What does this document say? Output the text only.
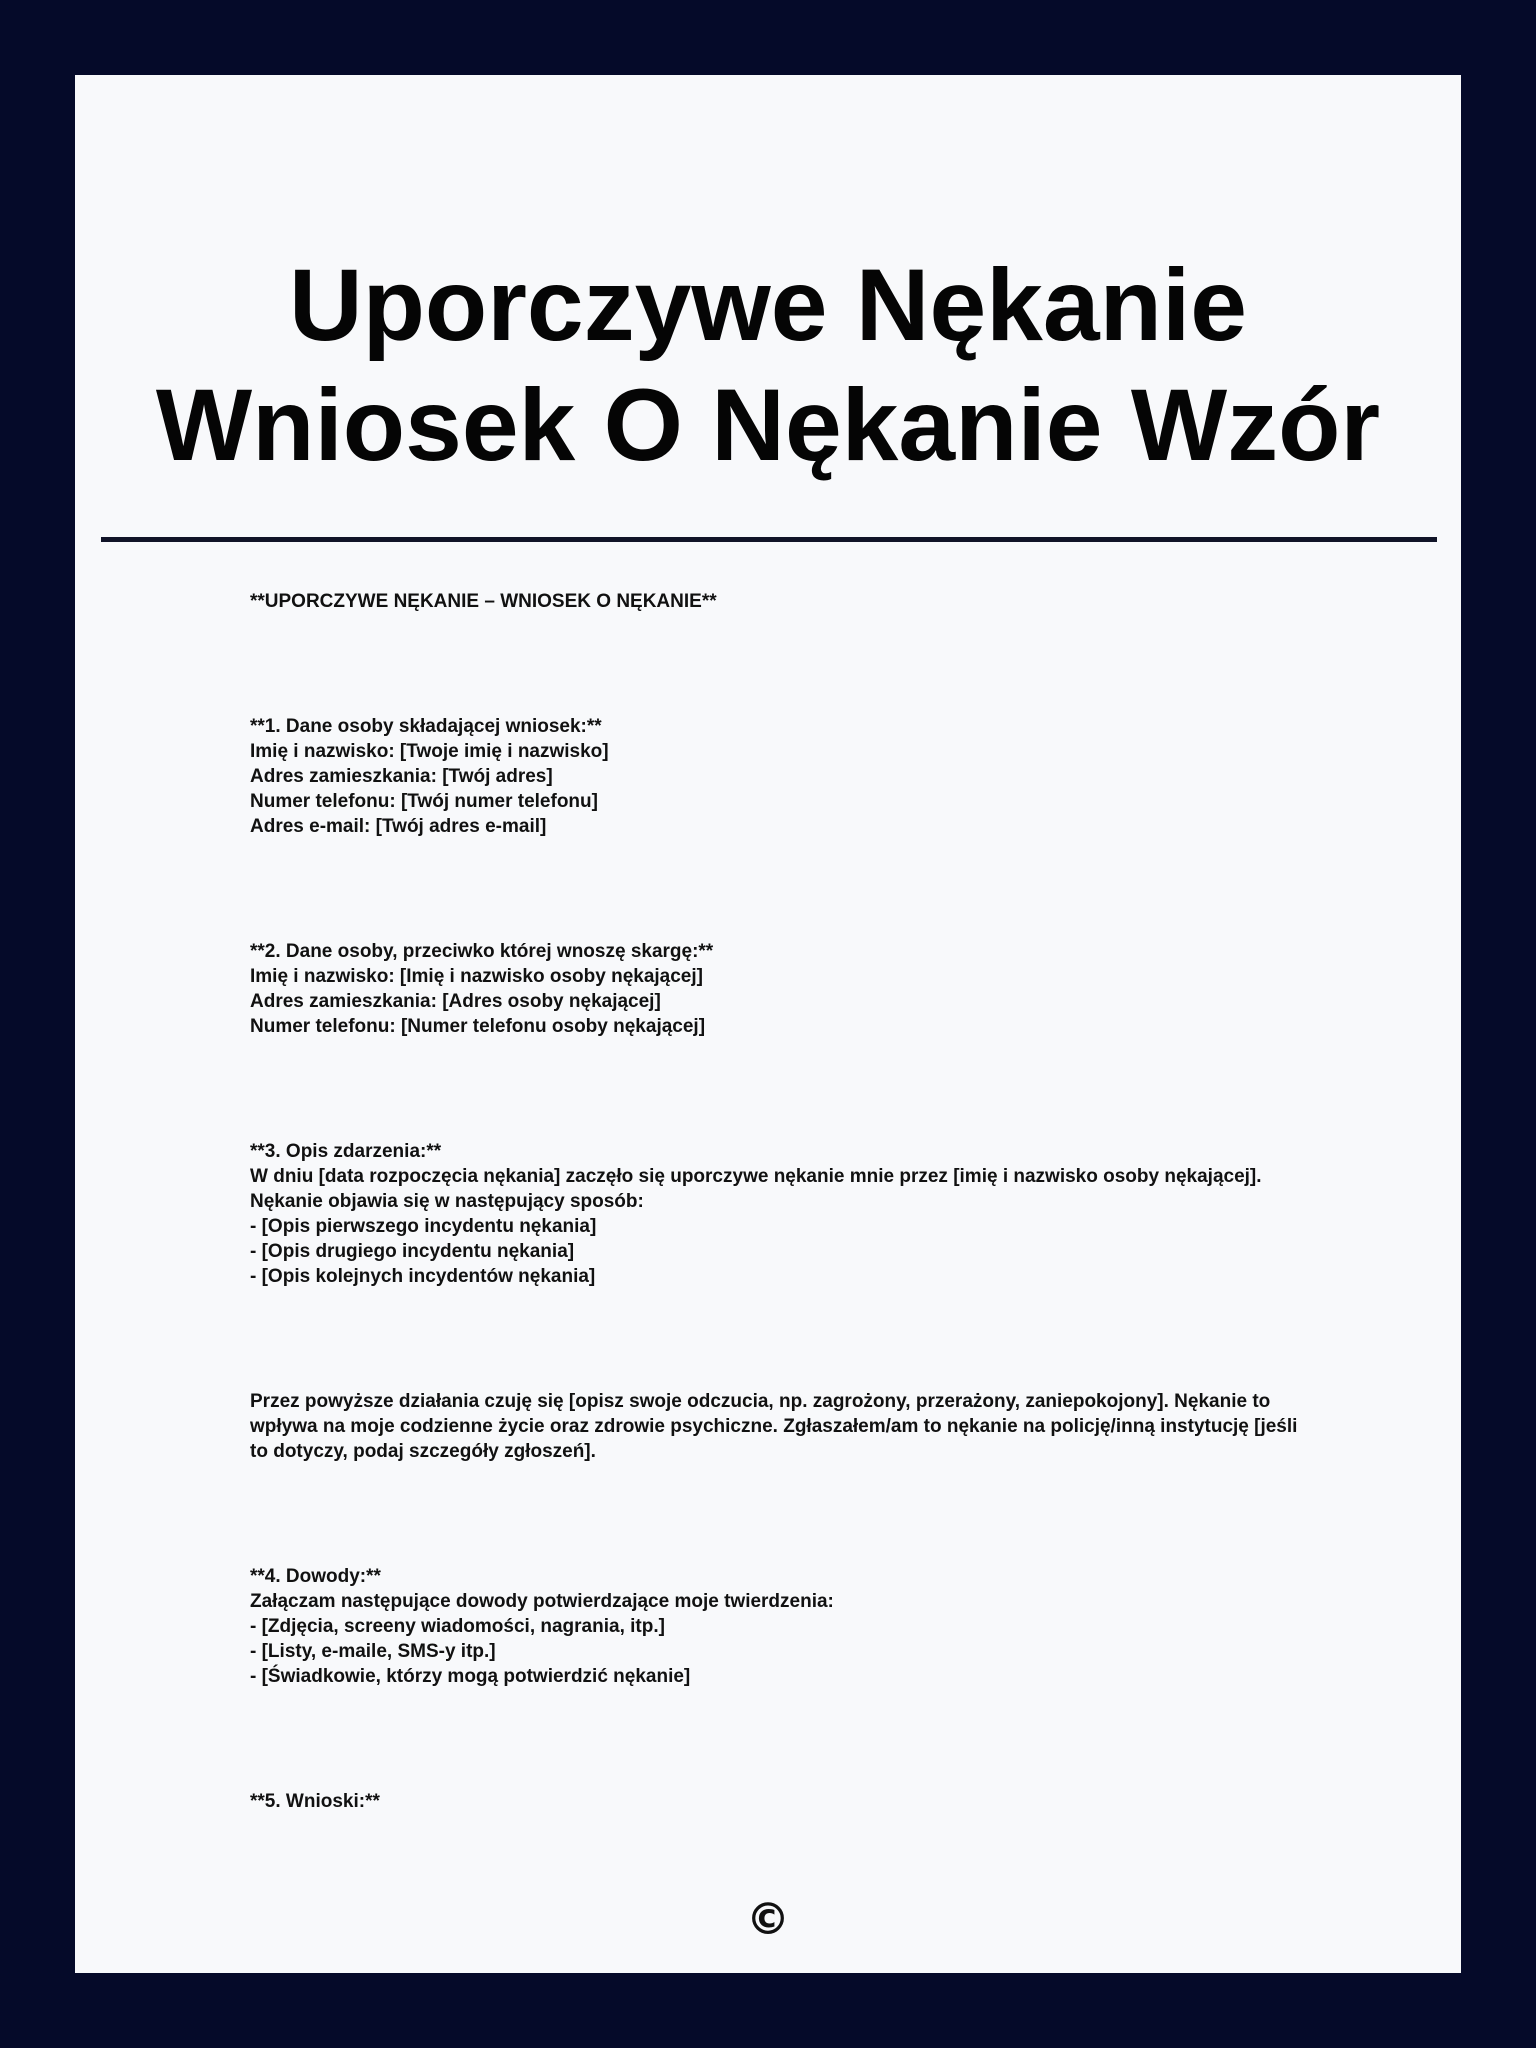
Uporczywe Nękanie Wniosek O Nękanie Wzór

**UPORCZYWE NĘKANIE – WNIOSEK O NĘKANIE**

**1. Dane osoby składającej wniosek:**
Imię i nazwisko: [Twoje imię i nazwisko]
Adres zamieszkania: [Twój adres]
Numer telefonu: [Twój numer telefonu]
Adres e-mail: [Twój adres e-mail]

**2. Dane osoby, przeciwko której wnoszę skargę:**
Imię i nazwisko: [Imię i nazwisko osoby nękającej]
Adres zamieszkania: [Adres osoby nękającej]
Numer telefonu: [Numer telefonu osoby nękającej]

**3. Opis zdarzenia:**
W dniu [data rozpoczęcia nękania] zaczęło się uporczywe nękanie mnie przez [imię i nazwisko osoby nękającej]. Nękanie objawia się w następujący sposób:
- [Opis pierwszego incydentu nękania]
- [Opis drugiego incydentu nękania]
- [Opis kolejnych incydentów nękania]

Przez powyższe działania czuję się [opisz swoje odczucia, np. zagrożony, przerażony, zaniepokojony]. Nękanie to wpływa na moje codzienne życie oraz zdrowie psychiczne. Zgłaszałem/am to nękanie na policję/inną instytucję [jeśli to dotyczy, podaj szczegóły zgłoszeń].

**4. Dowody:**
Załączam następujące dowody potwierdzające moje twierdzenia:
- [Zdjęcia, screeny wiadomości, nagrania, itp.]
- [Listy, e-maile, SMS-y itp.]
- [Świadkowie, którzy mogą potwierdzić nękanie]

**5. Wnioski:**

©
